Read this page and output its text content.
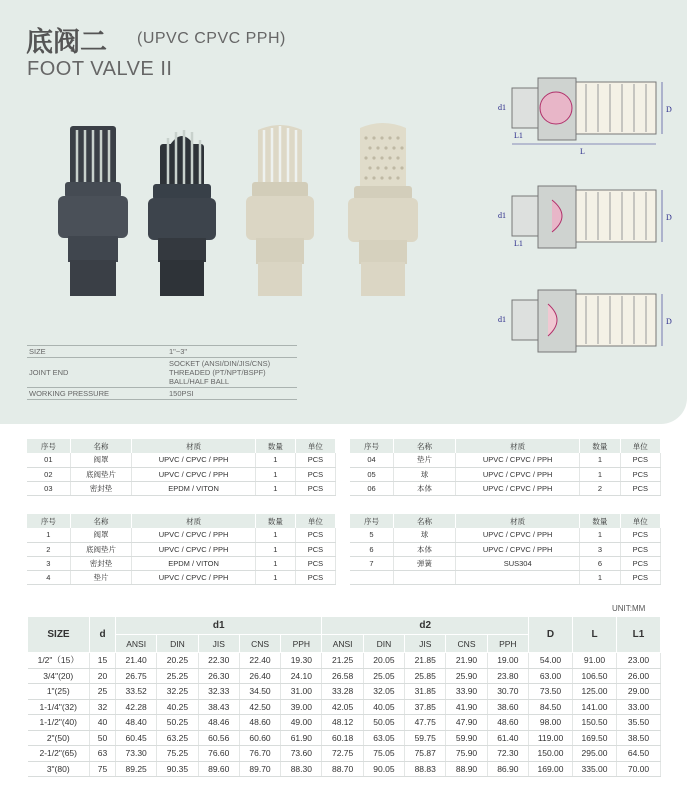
底阀二 (UPVC CPVC PPH)
FOOT VALVE II
d1
L1
L
D
d1
L1
D
d1	D
SIZE	1"~3"
JOINT END	SOCKET (ANSI/DIN/JIS/CNS)
THREADED (PT/NPT/BSPF)
BALL/HALF BALL

WORKING PRESSURE	150PSI
序号	名称	材质	数量	单位
01	阀罩	UPVC / CPVC / PPH	1	PCS
02	底阀垫片	UPVC / CPVC / PPH	1	PCS
03	密封垫	EPDM / VITON	1	PCS
序号	名称	材质	数量	单位
04	垫片	UPVC / CPVC / PPH	1	PCS
05	球	UPVC / CPVC / PPH	1	PCS
06	本体	UPVC / CPVC / PPH	2	PCS
序号	名称	材质	数量	单位
1	阀罩	UPVC / CPVC / PPH	1	PCS
2	底阀垫片	UPVC / CPVC / PPH	1	PCS
3	密封垫	EPDM / VITON	1	PCS
4	垫片	UPVC / CPVC / PPH	1	PCS
序号	名称	材质	数量	单位
5	球	UPVC / CPVC / PPH	1	PCS
6	本体	UPVC / CPVC / PPH	3	PCS
7	弹簧	SUS304	6	PCS
			1	PCS
UNIT:MM
SIZE	d	d1					d2					D	L	L1
		ANSI	DIN	JIS	CNS	PPH	ANSI	DIN	JIS	CNS	PPH			
1/2"（15）	15	21.40	20.25	22.30	22.40	19.30	21.25	20.05	21.85	21.90	19.00	54.00	91.00	23.00
3/4"(20)	20	26.75	25.25	26.30	26.40	24.10	26.58	25.05	25.85	25.90	23.80	63.00	106.50	26.00
1"(25)	25	33.52	32.25	32.33	34.50	31.00	33.28	32.05	31.85	33.90	30.70	73.50	125.00	29.00
1-1/4"(32)	32	42.28	40.25	38.43	42.50	39.00	42.05	40.05	37.85	41.90	38.60	84.50	141.00	33.00
1-1/2"(40)	40	48.40	50.25	48.46	48.60	49.00	48.12	50.05	47.75	47.90	48.60	98.00	150.50	35.50
2"(50)	50	60.45	63.25	60.56	60.60	61.90	60.18	63.05	59.75	59.90	61.40	119.00	169.50	38.50
2-1/2"(65)	63	73.30	75.25	76.60	76.70	73.60	72.75	75.05	75.87	75.90	72.30	150.00	295.00	64.50
3"(80)	75	89.25	90.35	89.60	89.70	88.30	88.70	90.05	88.83	88.90	86.90	169.00	335.00	70.00
